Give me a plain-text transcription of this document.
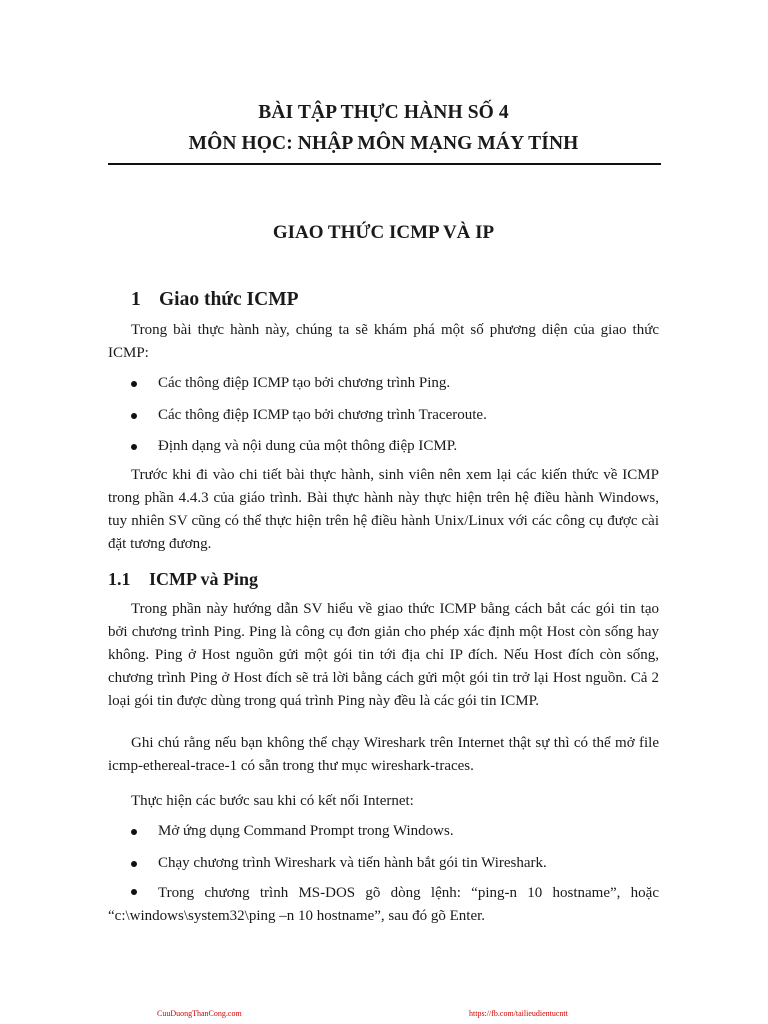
BÀI TẬP THỰC HÀNH SỐ 4
MÔN HỌC: NHẬP MÔN MẠNG MÁY TÍNH
GIAO THỨC ICMP VÀ IP
1 Giao thức ICMP

Trong bài thực hành này, chúng ta sẽ khám phá một số phương diện của giao thức ICMP:

Các thông điệp ICMP tạo bởi chương trình Ping.
Các thông điệp ICMP tạo bởi chương trình Traceroute.
Định dạng và nội dung của một thông điệp ICMP.

Trước khi đi vào chi tiết bài thực hành, sinh viên nên xem lại các kiến thức về ICMP trong phần 4.4.3 của giáo trình. Bài thực hành này thực hiện trên hệ điều hành Windows, tuy nhiên SV cũng có thể thực hiện trên hệ điều hành Unix/Linux với các công cụ được cài đặt tương đương.

1.1 ICMP và Ping

Trong phần này hướng dẫn SV hiểu về giao thức ICMP bằng cách bắt các gói tin tạo bởi chương trình Ping. Ping là công cụ đơn giản cho phép xác định một Host còn sống hay không. Ping ở Host nguồn gửi một gói tin tới địa chỉ IP đích. Nếu Host đích còn sống, chương trình Ping ở Host đích sẽ trả lời bằng cách gửi một gói tin trở lại Host nguồn. Cả 2 loại gói tin được dùng trong quá trình Ping này đều là các gói tin ICMP.

Ghi chú rằng nếu bạn không thể chạy Wireshark trên Internet thật sự thì có thể mở file icmp-ethereal-trace-1 có sẵn trong thư mục wireshark-traces.

Thực hiện các bước sau khi có kết nối Internet:

Mở ứng dụng Command Prompt trong Windows.
Chạy chương trình Wireshark và tiến hành bắt gói tin Wireshark.

Trong chương trình MS-DOS gõ dòng lệnh: “ping-n 10 hostname”, hoặc “c:\windows\system32\ping –n 10 hostname”, sau đó gõ Enter.

CuuDuongThanCong.com	https://fb.com/tailieudientucntt
